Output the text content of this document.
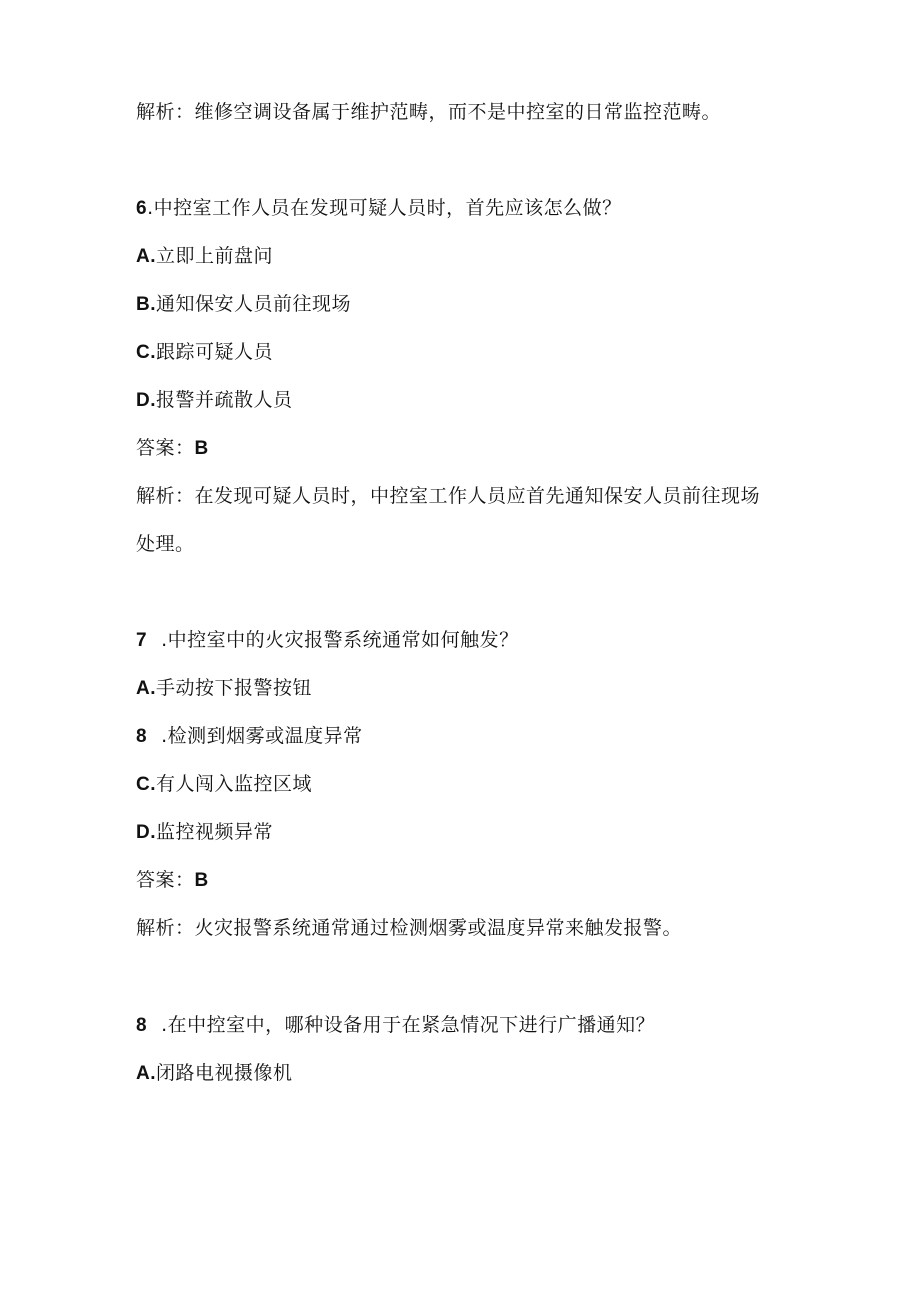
解析：维修空调设备属于维护范畴，而不是中控室的日常监控范畴。
6.中控室工作人员在发现可疑人员时，首先应该怎么做？
A.立即上前盘问
B.通知保安人员前往现场
C.跟踪可疑人员
D.报警并疏散人员
答案：B
解析：在发现可疑人员时，中控室工作人员应首先通知保安人员前往现场
处理。
7 .中控室中的火灾报警系统通常如何触发？
A.手动按下报警按钮
8 .检测到烟雾或温度异常
C.有人闯入监控区域
D.监控视频异常
答案：B
解析：火灾报警系统通常通过检测烟雾或温度异常来触发报警。
8 .在中控室中，哪种设备用于在紧急情况下进行广播通知？
A.闭路电视摄像机
